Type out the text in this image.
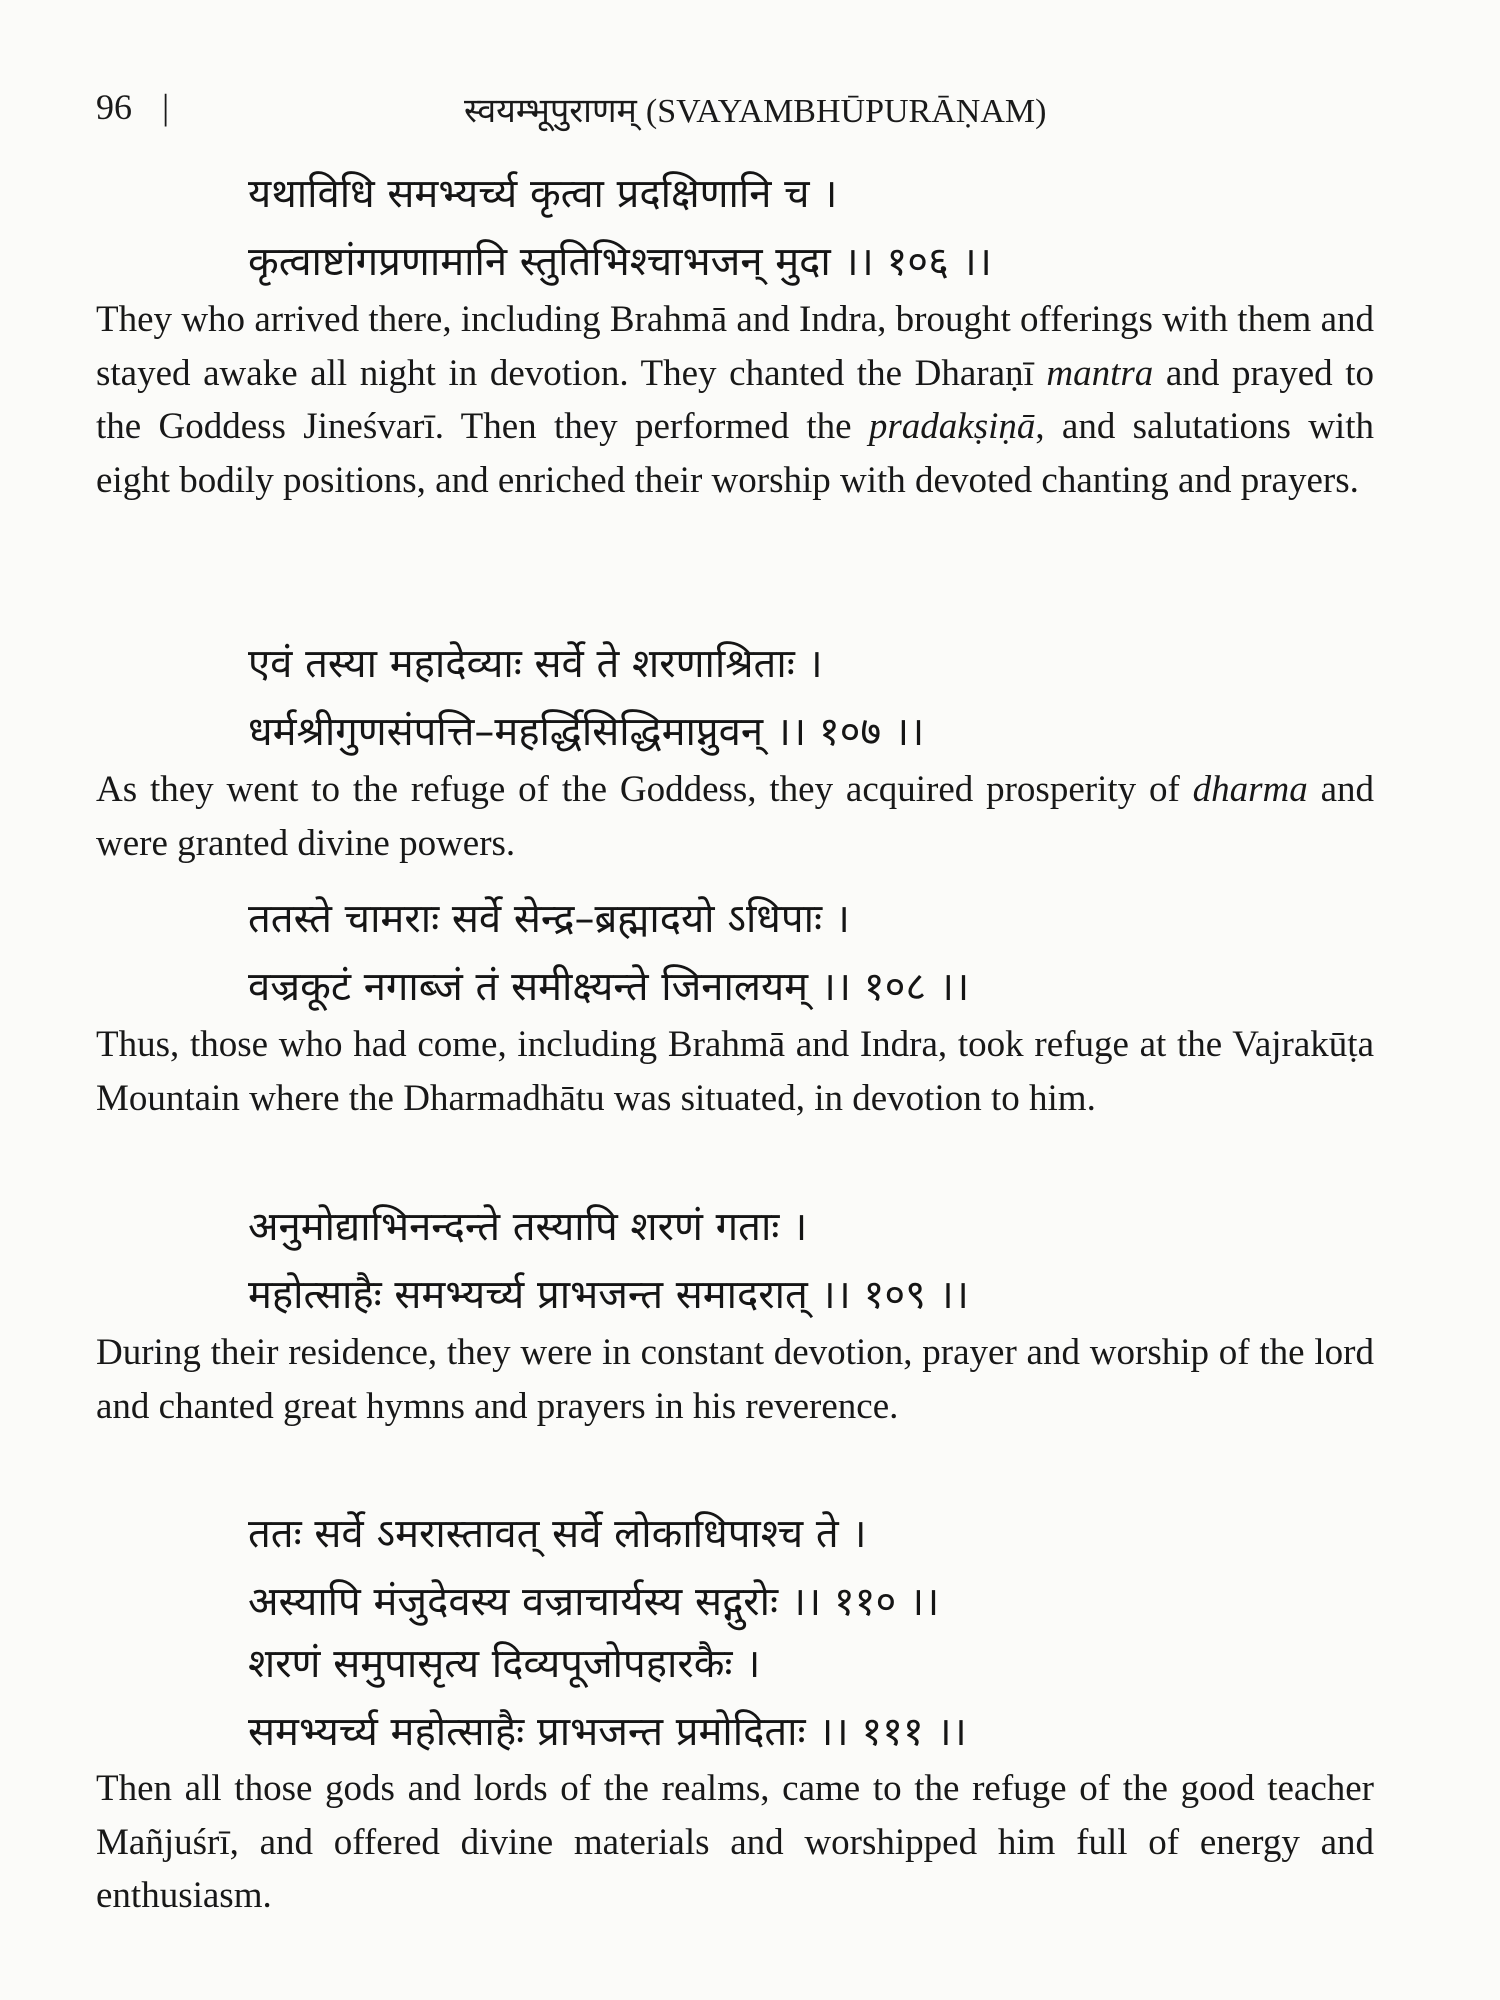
96 |	स्वयम्भूपुराणम् (SVAYAMBHŪPURĀṆAM)
यथाविधि समभ्यर्च्य कृत्वा प्रदक्षिणानि च ।
कृत्वाष्टांगप्रणामानि स्तुतिभिश्चाभजन् मुदा ।। १०६ ।।
They who arrived there, including Brahmā and Indra, brought offerings with them and stayed awake all night in devotion. They chanted the Dharaṇī mantra and prayed to the Goddess Jineśvarī. Then they performed the pradakṣiṇā, and salutations with eight bodily positions, and enriched their worship with devoted chanting and prayers.
एवं तस्या महादेव्याः सर्वे ते शरणाश्रिताः ।
धर्मश्रीगुणसंपत्ति–महर्द्धिसिद्धिमाप्नुवन् ।। १०७ ।।
As they went to the refuge of the Goddess, they acquired prosperity of dharma and were granted divine powers.
ततस्ते चामराः सर्वे सेन्द्र–ब्रह्मादयो ऽधिपाः ।
वज्रकूटं नगाब्जं तं समीक्ष्यन्ते जिनालयम् ।। १०८ ।।
Thus, those who had come, including Brahmā and Indra, took refuge at the Vajrakūṭa Mountain where the Dharmadhātu was situated, in devotion to him.
अनुमोद्याभिनन्दन्ते तस्यापि शरणं गताः ।
महोत्साहैः समभ्यर्च्य प्राभजन्त समादरात् ।। १०९ ।।
During their residence, they were in constant devotion, prayer and worship of the lord and chanted great hymns and prayers in his reverence.
ततः सर्वे ऽमरास्तावत् सर्वे लोकाधिपाश्च ते ।
अस्यापि मंजुदेवस्य वज्राचार्यस्य सद्गुरोः ।। ११० ।।
शरणं समुपासृत्य दिव्यपूजोपहारकैः ।
समभ्यर्च्य महोत्साहैः प्राभजन्त प्रमोदिताः ।। १११ ।।
Then all those gods and lords of the realms, came to the refuge of the good teacher Mañjuśrī, and offered divine materials and worshipped him full of energy and enthusiasm.
